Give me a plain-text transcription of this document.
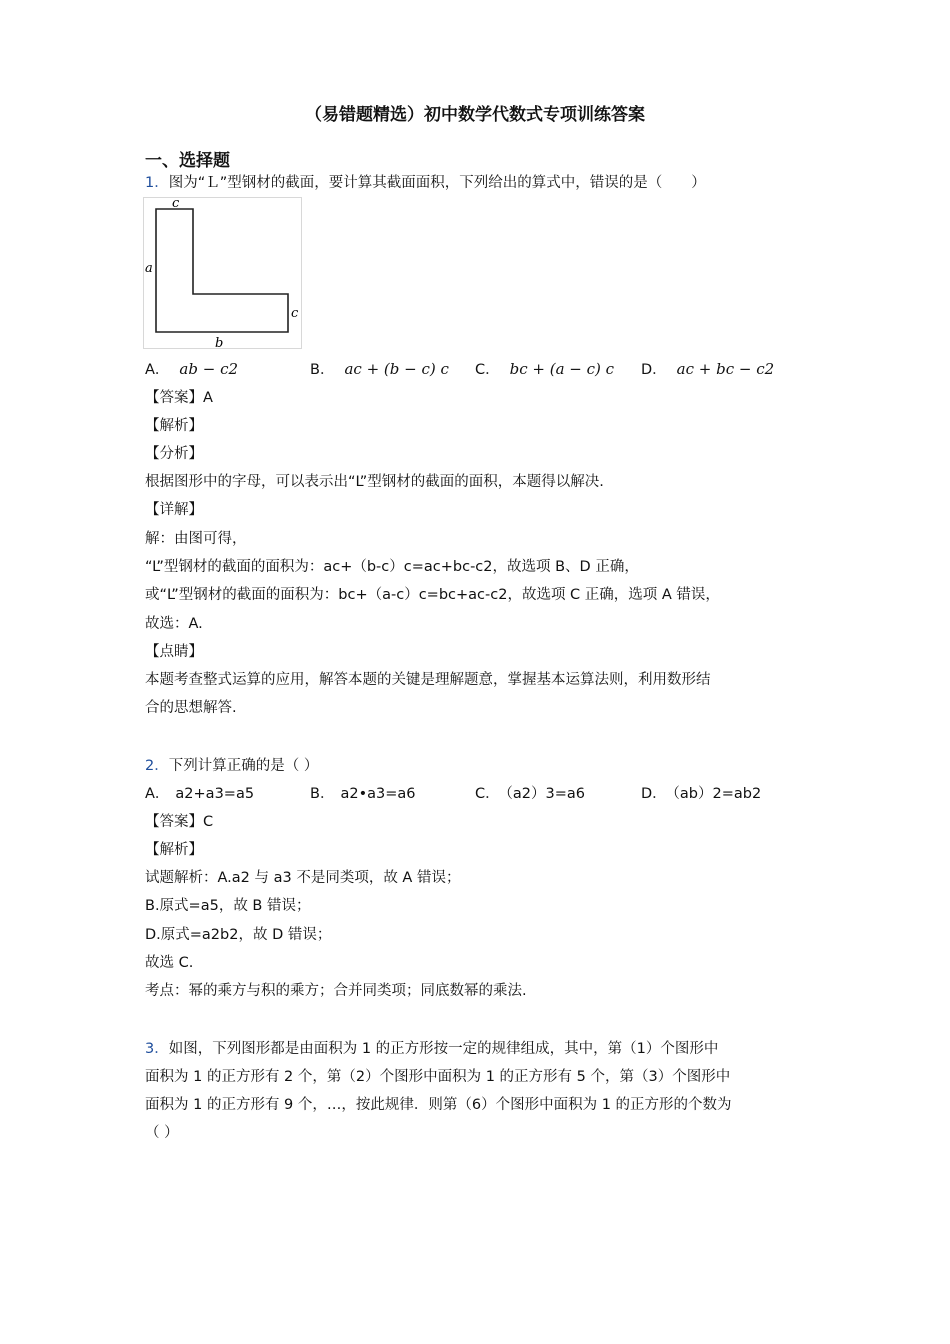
（易错题精选）初中数学代数式专项训练答案
一、选择题
1．图为“Ｌ”型钢材的截面，要计算其截面面积，下列给出的算式中，错误的是（　　）
c
a
c
b
A． ab − c2	B． ac + (b − c) c C． bc + (a − c) c D． ac + bc − c2
【答案】A
【解析】
【分析】
根据图形中的字母，可以表示出“L”型钢材的截面的面积，本题得以解决.
【详解】
解：由图可得，
“L”型钢材的截面的面积为：ac+（b-c）c=ac+bc-c2，故选项 B、D 正确，
或“L”型钢材的截面的面积为：bc+（a-c）c=bc+ac-c2，故选项 C 正确，选项 A 错误，
故选：A.
【点睛】
本题考查整式运算的应用，解答本题的关键是理解题意，掌握基本运算法则，利用数形结
合的思想解答.
2．下列计算正确的是（ ）
A． a2+a3=a5	B． a2•a3=a6	C． （a2）3=a6	D． （ab）2=ab2
【答案】C
【解析】
试题解析：A.a2 与 a3 不是同类项，故 A 错误；
B.原式=a5，故 B 错误；
D.原式=a2b2，故 D 错误；
故选 C.
考点：幂的乘方与积的乘方；合并同类项；同底数幂的乘法.
3．如图，下列图形都是由面积为 1 的正方形按一定的规律组成，其中，第（1）个图形中
面积为 1 的正方形有 2 个，第（2）个图形中面积为 1 的正方形有 5 个，第（3）个图形中
面积为 1 的正方形有 9 个，…，按此规律．则第（6）个图形中面积为 1 的正方形的个数为
（ ）
